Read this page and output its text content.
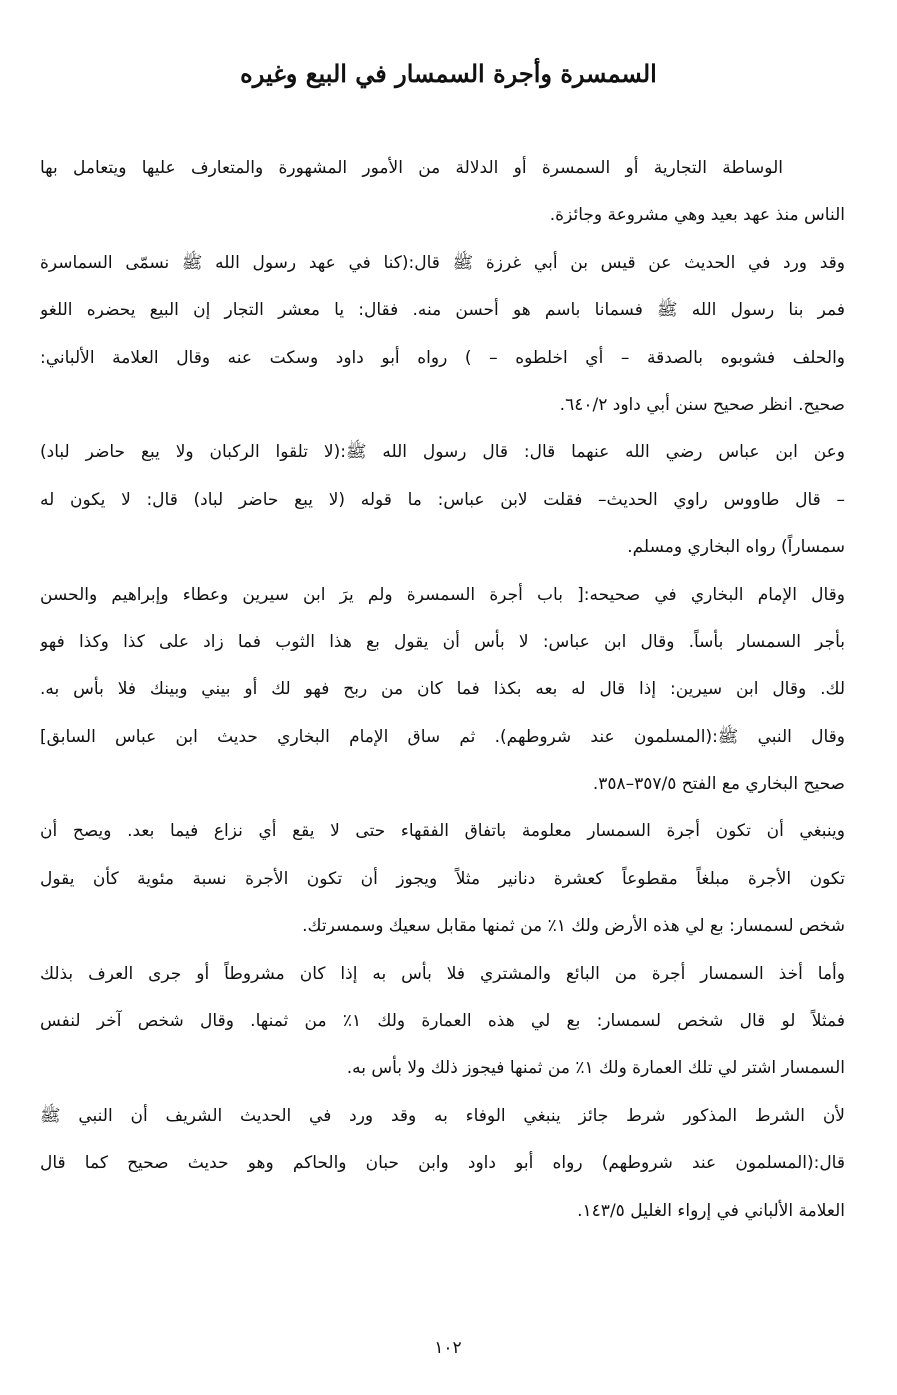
السمسرة وأجرة السمسار في البيع وغيره
الوساطة التجارية أو السمسرة أو الدلالة من الأمور المشهورة والمتعارف عليها ويتعامل بها
الناس منذ عهد بعيد وهي مشروعة وجائزة.
وقد ورد في الحديث عن قيس بن أبي غرزة ﷺ قال:(كنا في عهد رسول الله ﷺ نسمّى السماسرة
فمر بنا رسول الله ﷺ فسمانا باسم هو أحسن منه. فقال: يا معشر التجار إن البيع يحضره اللغو
والحلف فشوبوه بالصدقة – أي اخلطوه – ) رواه أبو داود وسكت عنه وقال العلامة الألباني:
صحيح. انظر صحيح سنن أبي داود ٦٤٠/٢.
وعن ابن عباس رضي الله عنهما قال: قال رسول الله ﷺ:(لا تلقوا الركبان ولا يبع حاضر لباد)
– قال طاووس راوي الحديث– فقلت لابن عباس: ما قوله (لا يبع حاضر لباد) قال: لا يكون له
سمساراً) رواه البخاري ومسلم.
وقال الإمام البخاري في صحيحه:[ باب أجرة السمسرة ولم يرَ ابن سيرين وعطاء وإبراهيم والحسن
بأجر السمسار بأساً. وقال ابن عباس: لا بأس أن يقول بع هذا الثوب فما زاد على كذا وكذا فهو
لك. وقال ابن سيرين: إذا قال له بعه بكذا فما كان من ربح فهو لك أو بيني وبينك فلا بأس به.
وقال النبي ﷺ:(المسلمون عند شروطهم). ثم ساق الإمام البخاري حديث ابن عباس السابق]
صحيح البخاري مع الفتح ٣٥٧/٥–٣٥٨.
وينبغي أن تكون أجرة السمسار معلومة باتفاق الفقهاء حتى لا يقع أي نزاع فيما بعد. ويصح أن
تكون الأجرة مبلغاً مقطوعاً كعشرة دنانير مثلاً ويجوز أن تكون الأجرة نسبة مئوية كأن يقول
شخص لسمسار: بع لي هذه الأرض ولك ١٪ من ثمنها مقابل سعيك وسمسرتك.
وأما أخذ السمسار أجرة من البائع والمشتري فلا بأس به إذا كان مشروطاً أو جرى العرف بذلك
فمثلاً لو قال شخص لسمسار: بع لي هذه العمارة ولك ١٪ من ثمنها. وقال شخص آخر لنفس
السمسار اشتر لي تلك العمارة ولك ١٪ من ثمنها فيجوز ذلك ولا بأس به.
لأن الشرط المذكور شرط جائز ينبغي الوفاء به وقد ورد في الحديث الشريف أن النبي ﷺ
قال:(المسلمون عند شروطهم) رواه أبو داود وابن حبان والحاكم وهو حديث صحيح كما قال
العلامة الألباني في إرواء الغليل ١٤٣/٥.
١٠٢
